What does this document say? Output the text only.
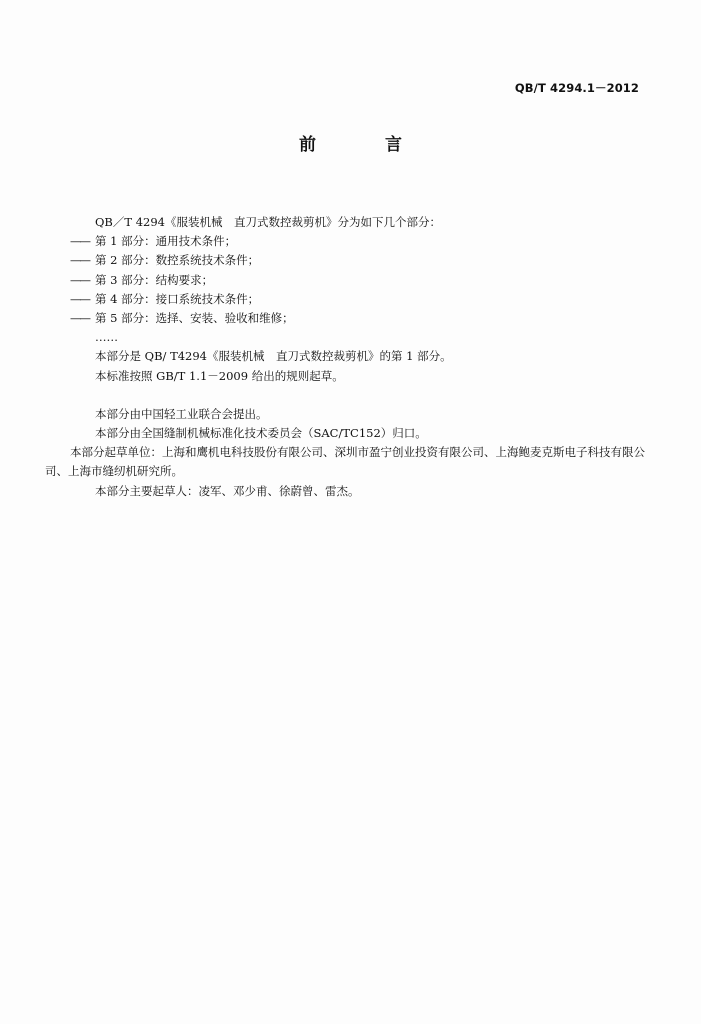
QB/T 4294.1－2012
前　言
QB／T 4294《服装机械　直刀式数控裁剪机》分为如下几个部分：
—— 第 1 部分：通用技术条件；
—— 第 2 部分：数控系统技术条件；
—— 第 3 部分：结构要求；
—— 第 4 部分：接口系统技术条件；
—— 第 5 部分：选择、安装、验收和维修；
……
本部分是 QB/ T4294《服装机械　直刀式数控裁剪机》的第 1 部分。
本标准按照 GB/T 1.1－2009 给出的规则起草。
本部分由中国轻工业联合会提出。
本部分由全国缝制机械标准化技术委员会（SAC/TC152）归口。
本部分起草单位：上海和鹰机电科技股份有限公司、深圳市盈宁创业投资有限公司、上海鲍麦克斯电子科技有限公司、上海市缝纫机研究所。
本部分主要起草人：凌军、邓少甫、徐蔚曾、雷杰。
